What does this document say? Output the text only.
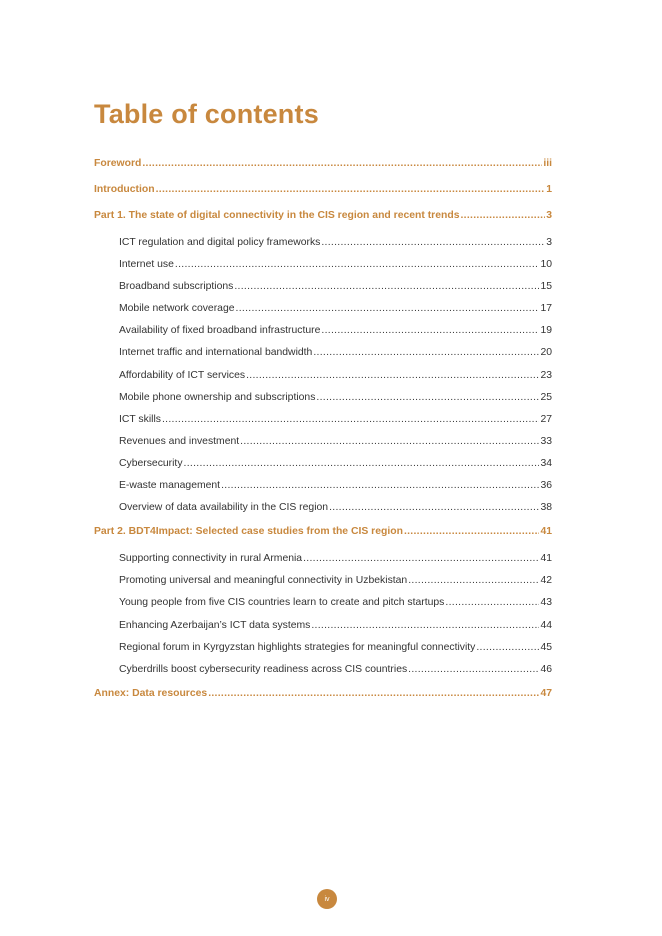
Table of contents
Foreword .....	iii
Introduction .....	1
Part 1. The state of digital connectivity in the CIS region and recent trends .....	3
ICT regulation and digital policy frameworks .....	3
Internet use .....	10
Broadband subscriptions .....	15
Mobile network coverage .....	17
Availability of fixed broadband infrastructure .....	19
Internet traffic and international bandwidth .....	20
Affordability of ICT services .....	23
Mobile phone ownership and subscriptions .....	25
ICT skills .....	27
Revenues and investment .....	33
Cybersecurity .....	34
E-waste management .....	36
Overview of data availability in the CIS region .....	38
Part 2. BDT4Impact: Selected case studies from the CIS region .....	41
Supporting connectivity in rural Armenia .....	41
Promoting universal and meaningful connectivity in Uzbekistan .....	42
Young people from five CIS countries learn to create and pitch startups .....	43
Enhancing Azerbaijan’s ICT data systems .....	44
Regional forum in Kyrgyzstan highlights strategies for meaningful connectivity .....	45
Cyberdrills boost cybersecurity readiness across CIS countries .....	46
Annex: Data resources .....	47
iv
